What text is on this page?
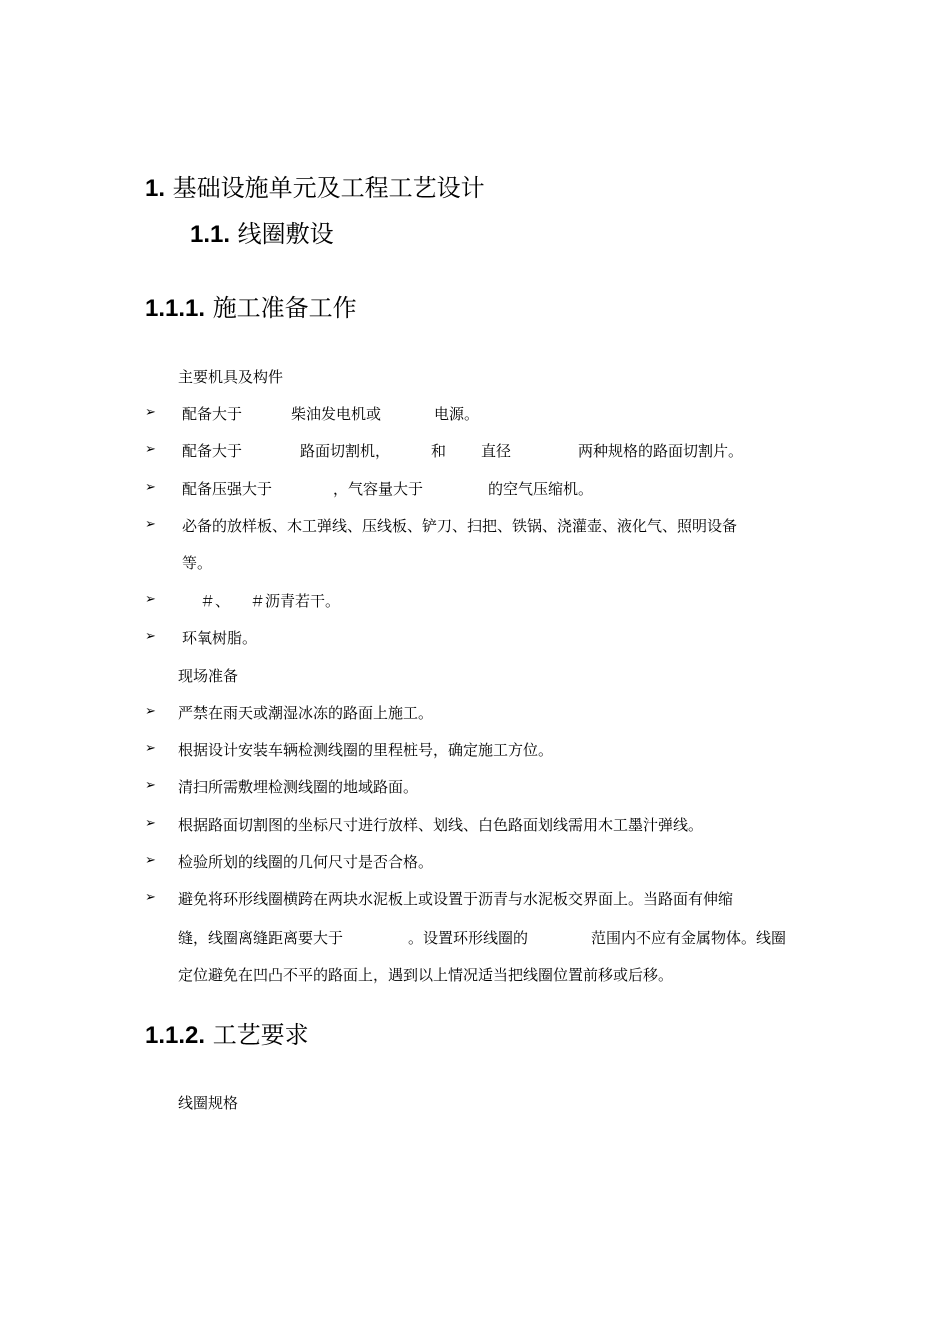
1. 基础设施单元及工程工艺设计
1.1. 线圈敷设
1.1.1. 施工准备工作
主要机具及构件
➢ 配备大于	柴油发电机或	电源。
➢ 配备大于	路面切割机，	和 直径	两种规格的路面切割片。
➢ 配备压强大于	，气容量大于	的空气压缩机。
➢ 必备的放样板、木工弹线、压线板、铲刀、扫把、铁锅、浇灌壶、液化气、照明设备
等。
➢	＃、 ＃沥青若干。
➢ 环氧树脂。
现场准备
➢ 严禁在雨天或潮湿冰冻的路面上施工。
➢ 根据设计安装车辆检测线圈的里程桩号，确定施工方位。
➢ 清扫所需敷埋检测线圈的地域路面。
➢ 根据路面切割图的坐标尺寸进行放样、划线、白色路面划线需用木工墨汁弹线。
➢ 检验所划的线圈的几何尺寸是否合格。
➢ 避免将环形线圈横跨在两块水泥板上或设置于沥青与水泥板交界面上。当路面有伸缩
缝，线圈离缝距离要大于	。设置环形线圈的	范围内不应有金属物体。线圈
定位避免在凹凸不平的路面上，遇到以上情况适当把线圈位置前移或后移。
1.1.2. 工艺要求
线圈规格
